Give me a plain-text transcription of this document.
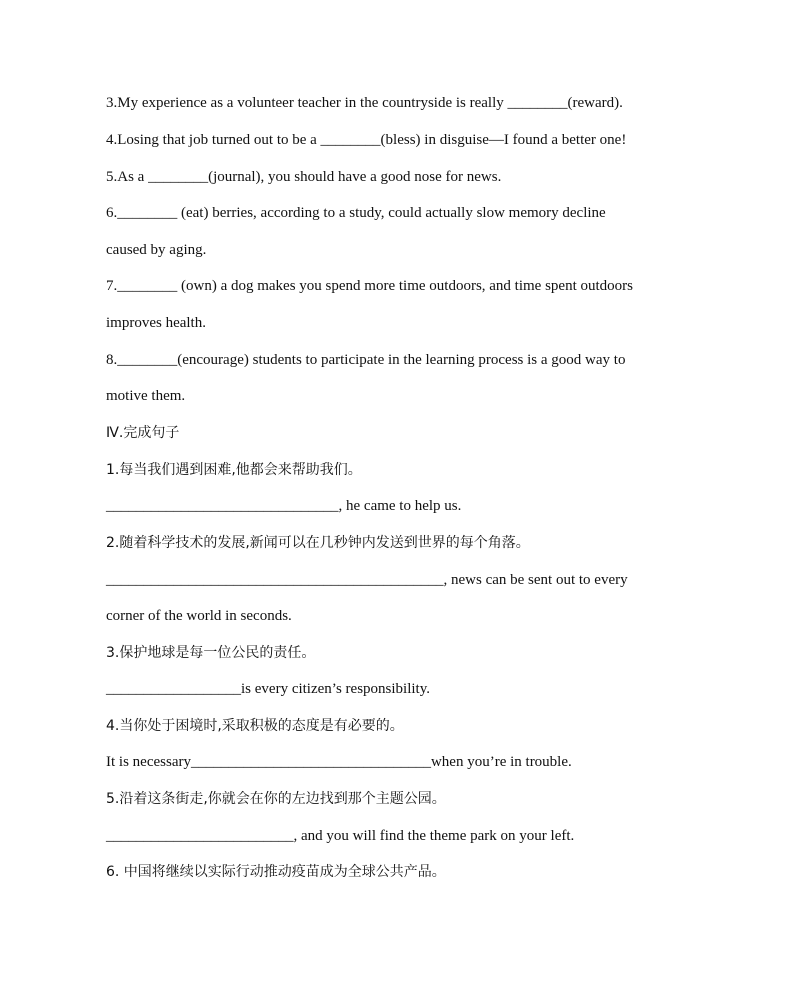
3.My experience as a volunteer teacher in the countryside is really ________(reward).
4.Losing that job turned out to be a ________(bless) in disguise—I found a better one!
5.As a ________(journal), you should have a good nose for news.
6.________ (eat) berries, according to a study, could actually slow memory decline
caused by aging.
7.________ (own) a dog makes you spend more time outdoors, and time spent outdoors
improves health.
8.________(encourage) students to participate in the learning process is a good way to
motive them.
Ⅳ.完成句子
1.每当我们遇到困难,他都会来帮助我们。
_______________________________, he came to help us.
2.随着科学技术的发展,新闻可以在几秒钟内发送到世界的每个角落。
_____________________________________________, news can be sent out to every
corner of the world in seconds.
3.保护地球是每一位公民的责任。
__________________is every citizen’s responsibility.
4.当你处于困境时,采取积极的态度是有必要的。
It is necessary________________________________when you’re in trouble.
5.沿着这条街走,你就会在你的左边找到那个主题公园。
_________________________, and you will find the theme park on your left.
6. 中国将继续以实际行动推动疫苗成为全球公共产品。
